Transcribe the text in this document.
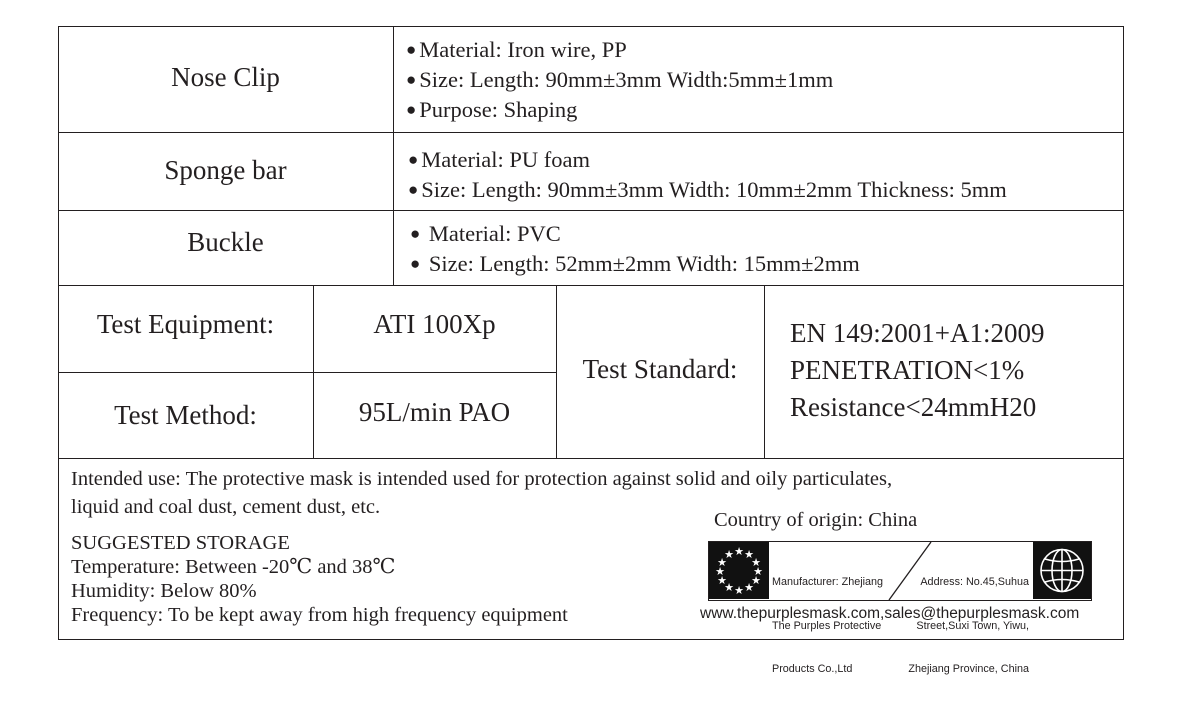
Nose Clip
● Material: Iron wire, PP
● Size: Length: 90mm±3mm Width:5mm±1mm
● Purpose: Shaping
Sponge bar	● Material: PU foam
● Size: Length: 90mm±3mm Width: 10mm±2mm Thickness: 5mm
Buckle	● Material: PVC
● Size: Length: 52mm±2mm Width: 15mm±2mm
Test Equipment:	ATI 100Xp
Test Method:	95L/min PAO
Test Standard:
EN 149:2001+A1:2009
PENETRATION<1%
Resistance<24mmH20
Intended use: The protective mask is intended used for protection against solid and oily particulates,
liquid and coal dust, cement dust, etc.
SUGGESTED STORAGE
Temperature: Between -20℃ and 38℃
Humidity: Below 80%
Frequency: To be kept away from high frequency equipment
Country of origin: China
★ ★
★
★
★
★
★
★
★
★
★
★

Manufacturer: Zhejiang

The Purples Protective

Products Co.,Ltd

Address: No.45,Suhua

Street,Suxi Town, Yiwu,

Zhejiang Province, China

www.thepurplesmask.com,sales@thepurplesmask.com
